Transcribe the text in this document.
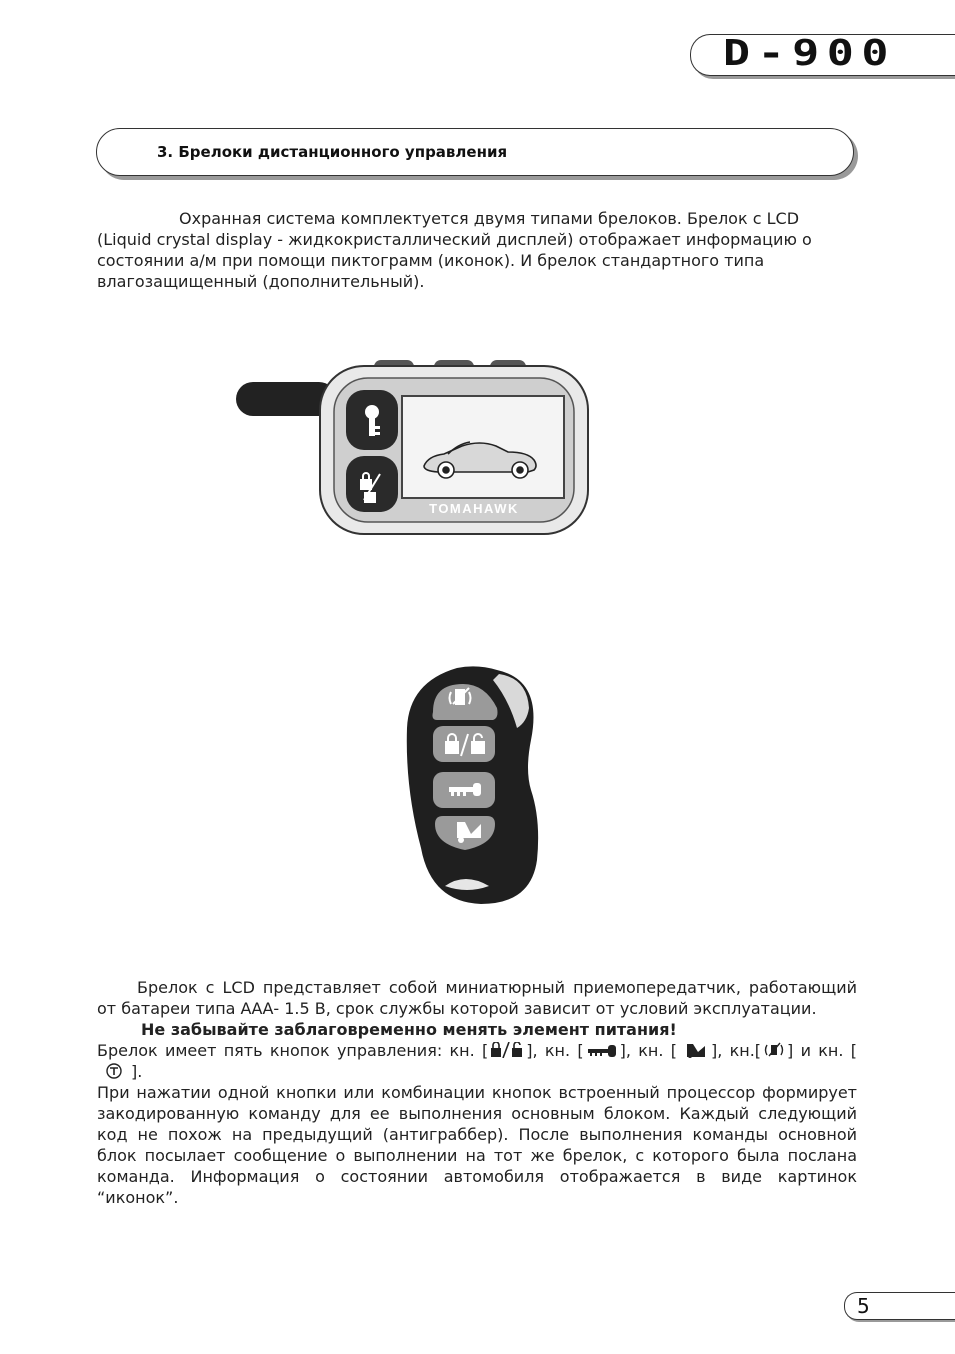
D-900
3. Брелоки дистанционного управления
Охранная система комплектуется двумя типами брелоков. Брелок с LCD (Liquid crystal display - жидкокристаллический дисплей) отображает информацию о состоянии а/м при помощи пиктограмм (иконок). И брелок стандартного типа влагозащищенный (дополнительный).
TOMAHAWK
Брелок с LCD представляет собой миниатюрный приемопередатчик, работающий от батареи типа ААА- 1.5 В, срок службы которой зависит от условий эксплуатации.
Не забывайте заблаговременно менять элемент питания!
Брелок имеет пять кнопок управления: кн. [ ], кн. [ ], кн. [ ], кн.[ ] и кн. [].
При нажатии одной кнопки или комбинации кнопок встроенный процессор формирует закодированную команду для ее выполнения основным блоком. Каждый следующий код не похож на предыдущий (антиграббер). После выполнения команды основной блок посылает сообщение о выполнении на тот же брелок, с которого была послана команда. Информация о состоянии автомобиля отображается в виде картинок “иконок”.
5
